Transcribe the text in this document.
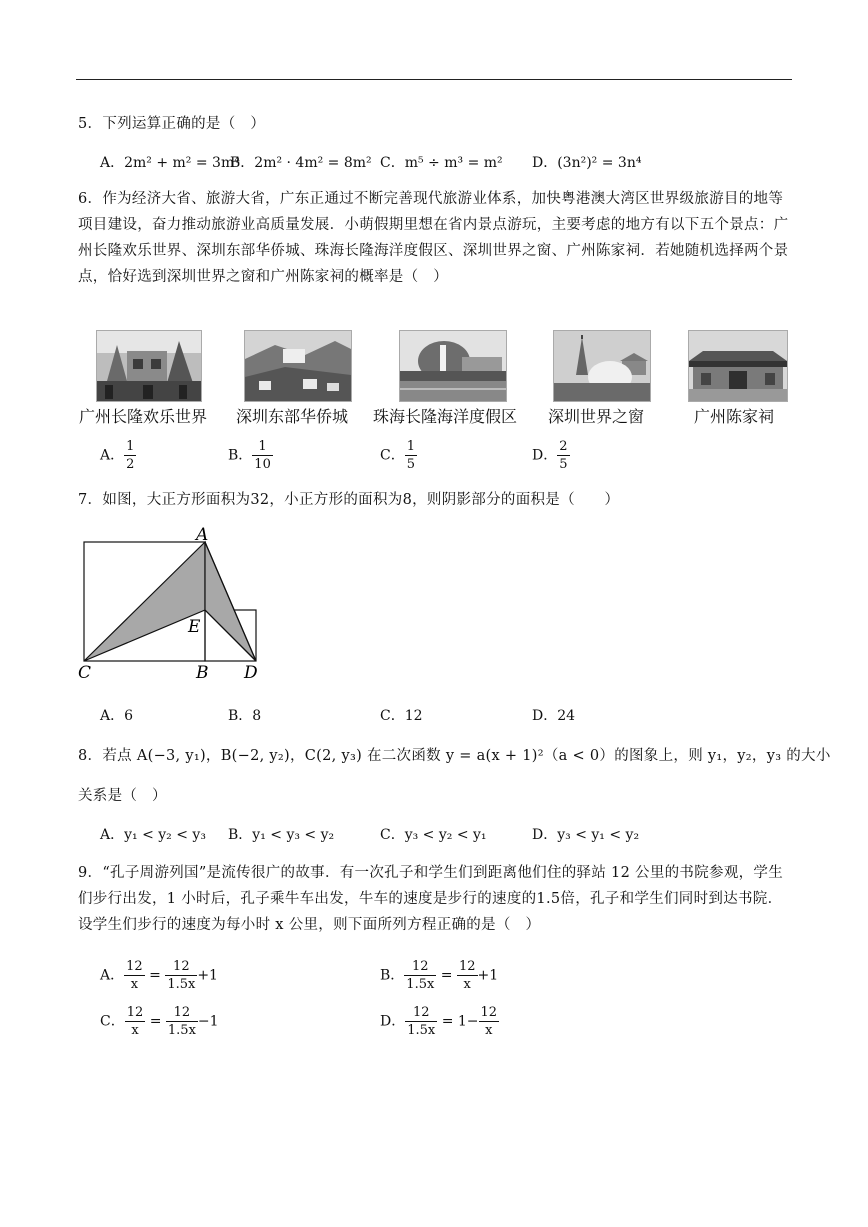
5．下列运算正确的是（　）
A．2m² + m² = 3m⁴
B．2m² · 4m² = 8m² C．m⁵ ÷ m³ = m² D．(3n²)² = 3n⁴
6．作为经济大省、旅游大省，广东正通过不断完善现代旅游业体系，加快粤港澳大湾区世界级旅游目的地等项目建设，奋力推动旅游业高质量发展．小萌假期里想在省内景点游玩，主要考虑的地方有以下五个景点：广州长隆欢乐世界、深圳东部华侨城、珠海长隆海洋度假区、深圳世界之窗、广州陈家祠．若她随机选择两个景点，恰好选到深圳世界之窗和广州陈家祠的概率是（　）
广州长隆欢乐世界 深圳东部华侨城 珠海长隆海洋度假区 深圳世界之窗	广州陈家祠
A． $\frac{1}{2}$	B． $\frac{1}{10}$	C． $\frac{1}{5}$	D． $\frac{2}{5}$
7．如图，大正方形面积为32，小正方形的面积为8，则阴影部分的面积是（　　）
A
E
C	B D
A．6	B．8	C．12	D．24
8．若点 A(−3, y₁)，B(−2, y₂)，C(2, y₃) 在二次函数 y = a(x + 1)²（a < 0）的图象上，则 y₁，y₂，y₃ 的大小
关系是（　）
A．y₁ < y₂ < y₃ B．y₁ < y₃ < y₂	C．y₃ < y₂ < y₁	D．y₃ < y₁ < y₂
9．“孔子周游列国”是流传很广的故事．有一次孔子和学生们到距离他们住的驿站 12 公里的书院参观，学生们步行出发，1 小时后，孔子乘牛车出发，牛车的速度是步行的速度的1.5倍，孔子和学生们同时到达书院．设学生们步行的速度为每小时 x 公里，则下面所列方程正确的是（　）
A． $\frac{12}{x} = \frac{12}{1.5x} +1$	B． $\frac{12}{1.5x} = \frac{12}{x} +1$
C． $\frac{12}{x} = \frac{12}{1.5x} -1$	D． $\frac{12}{1.5x} = 1- \frac{12}{x}$
